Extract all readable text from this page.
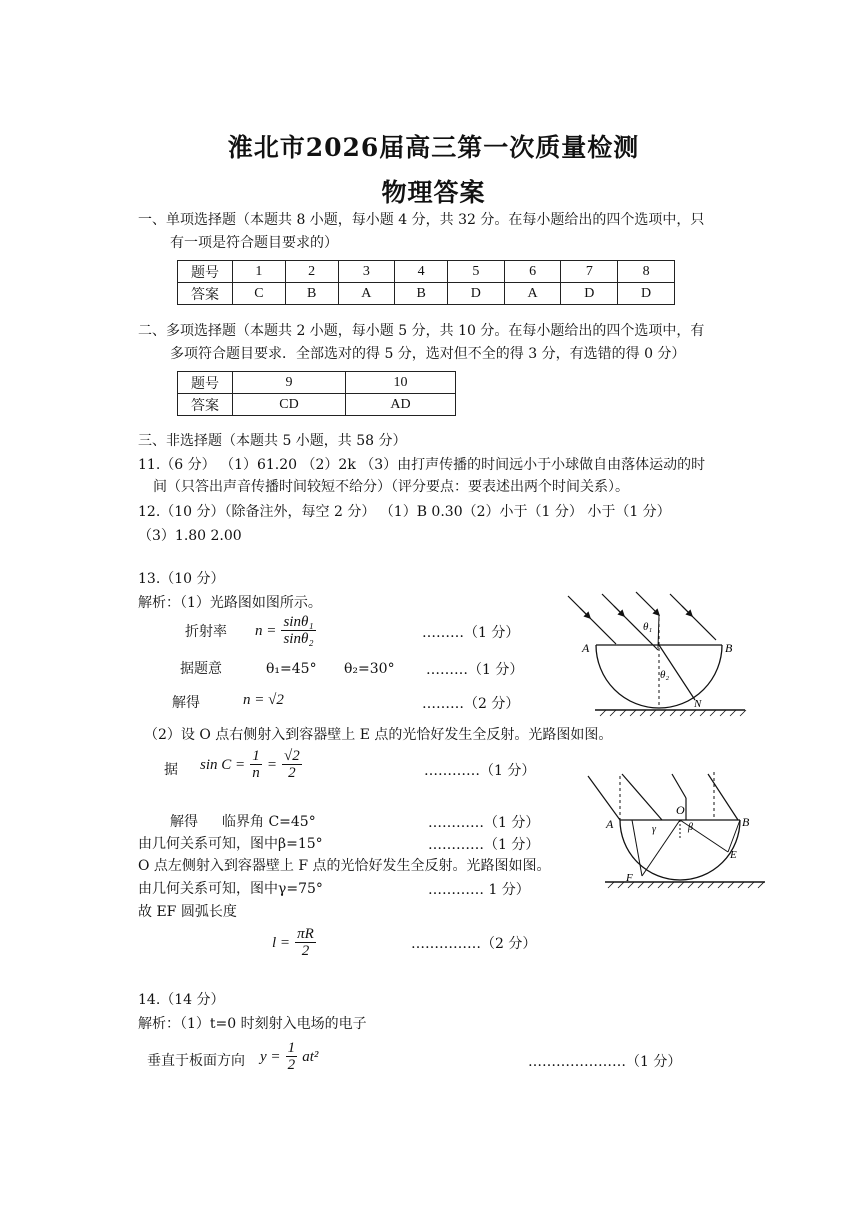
淮北市2026届高三第一次质量检测
物理答案
一、单项选择题（本题共 8 小题，每小题 4 分，共 32 分。在每小题给出的四个选项中，只
有一项是符合题目要求的）
题号	1	2	3	4	5	6	7	8
答案	C	B	A	B	D	A	D	D
二、多项选择题（本题共 2 小题，每小题 5 分，共 10 分。在每小题给出的四个选项中，有
多项符合题目要求．全部选对的得 5 分，选对但不全的得 3 分，有选错的得 0 分）
题号	9	10
答案	CD	AD
三、非选择题（本题共 5 小题，共 58 分）
11.（6 分） （1）61.20 （2）2k （3）由打声传播的时间远小于小球做自由落体运动的时
间（只答出声音传播时间较短不给分）（评分要点：要表述出两个时间关系）。
12.（10 分）（除备注外，每空 2 分） （1）B 0.30（2）小于（1 分） 小于（1 分）
（3）1.80 2.00
13.（10 分）
解析：（1）光路图如图所示。
折射率 $n = \frac{\text{sinθ₁}}{\text{sinθ₂}}$	………（1 分）
据题意	θ₁=45° θ₂=30° ………（1 分）
解得	n = √2	………（2 分）
（2）设 O 点右侧射入到容器壁上 E 点的光恰好发生全反射。光路图如图。
据 $\sin C = \frac{1}{n} = \frac{√2}{2}$	…………（1 分）
解得 临界角 C=45°	…………（1 分）
由几何关系可知，图中β=15°	…………（1 分）
O 点左侧射入到容器壁上 F 点的光恰好发生全反射。光路图如图。
由几何关系可知，图中γ=75°	………… 1 分）
故 EF 圆弧长度
$l = \frac{\pi R}{2}$	……………（2 分）
14.（14 分）
解析：（1）t=0 时刻射入电场的电子
垂直于板面方向 $y = \frac{1}{2} at^2$	…………………（1 分）
A	B
N
θ₁
θ₂
A	B
O
E
F
γ	β
